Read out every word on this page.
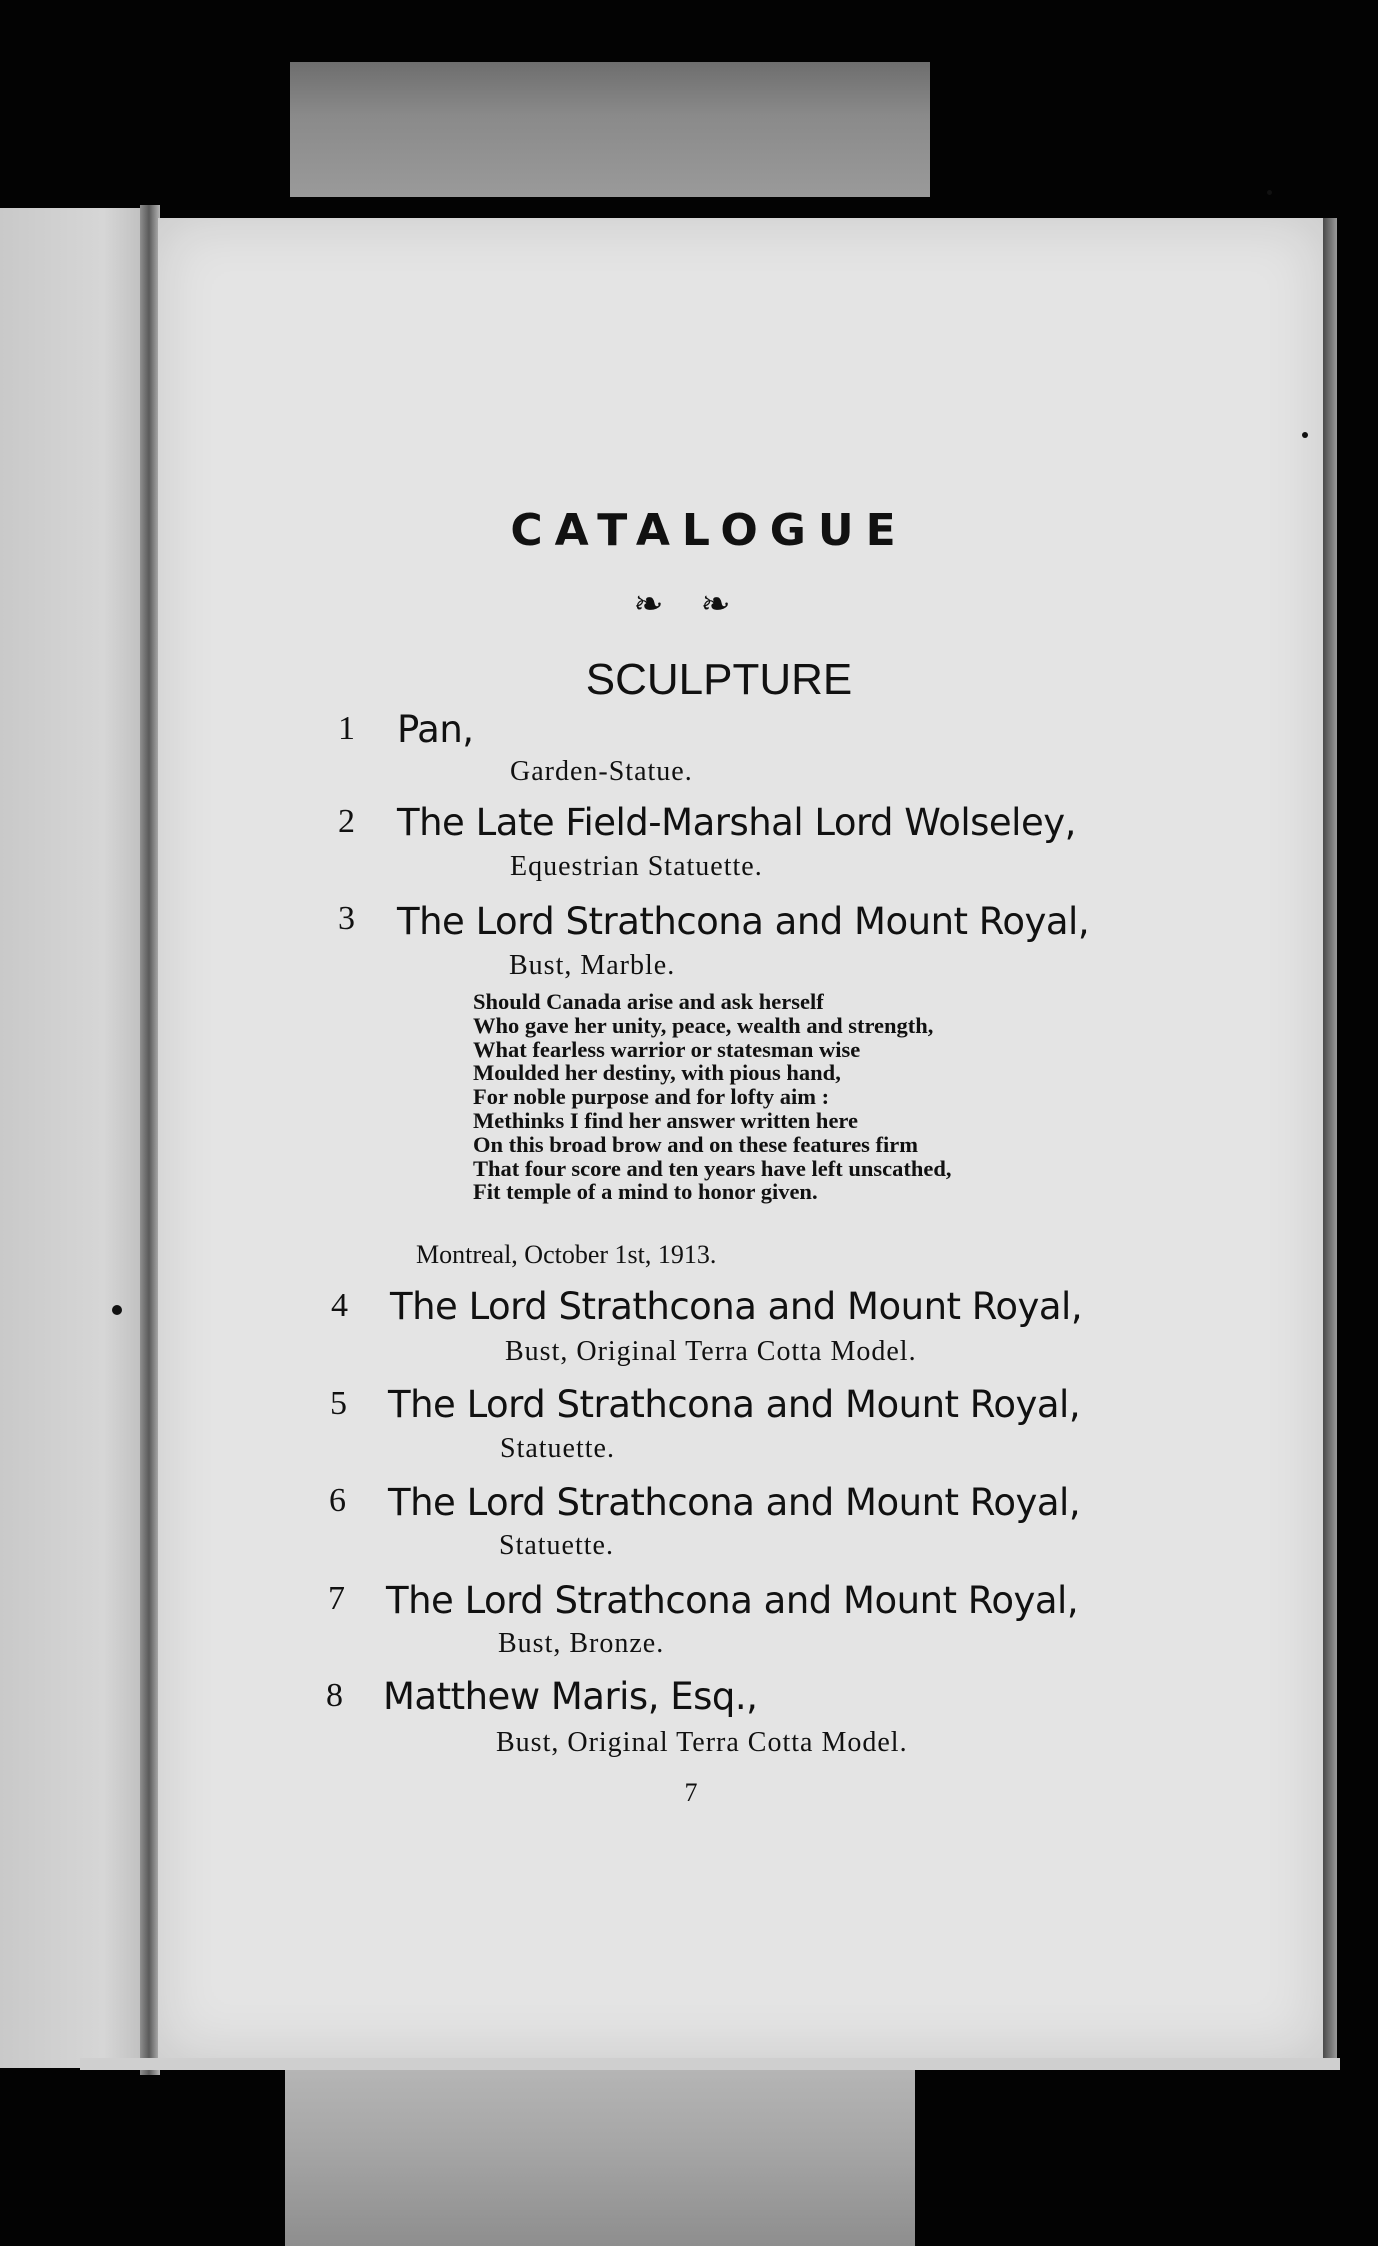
CATALOGUE
❧ ❧
SCULPTURE
1 Pan,
Garden-Statue.
2 The Late Field-Marshal Lord Wolseley,
Equestrian Statuette.
3 The Lord Strathcona and Mount Royal,
Bust, Marble.
Should Canada arise and ask herself
Who gave her unity, peace, wealth and strength,
What fearless warrior or statesman wise
Moulded her destiny, with pious hand,
For noble purpose and for lofty aim :
Methinks I find her answer written here
On this broad brow and on these features firm
That four score and ten years have left unscathed,
Fit temple of a mind to honor given.
Montreal, October 1st, 1913.
4 The Lord Strathcona and Mount Royal,
Bust, Original Terra Cotta Model.
5 The Lord Strathcona and Mount Royal,
Statuette.
6 The Lord Strathcona and Mount Royal,
Statuette.
7 The Lord Strathcona and Mount Royal,
Bust, Bronze.
8 Matthew Maris, Esq.,
Bust, Original Terra Cotta Model.
7
